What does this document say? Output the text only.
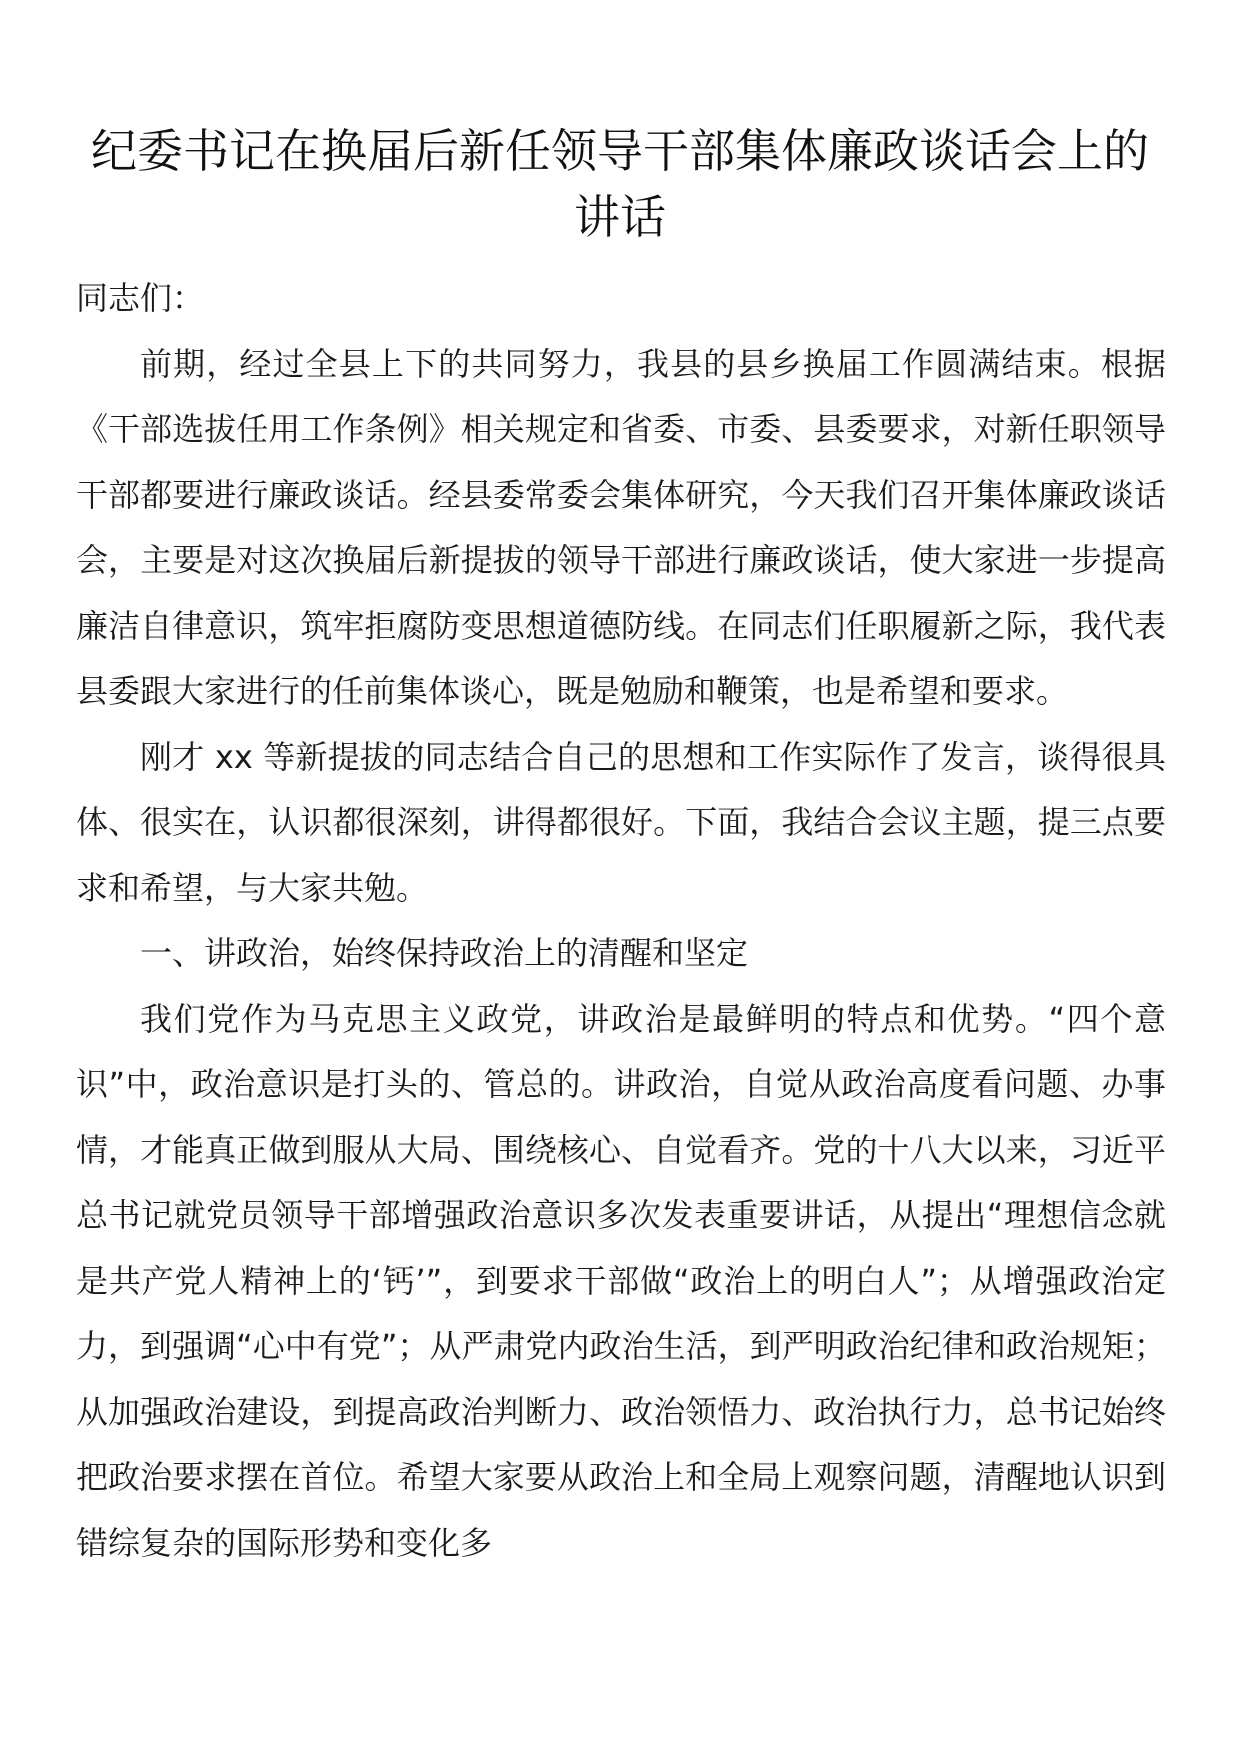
纪委书记在换届后新任领导干部集体廉政谈话会上的讲话

同志们：

前期，经过全县上下的共同努力，我县的县乡换届工作圆满结束。根据《干部选拔任用工作条例》相关规定和省委、市委、县委要求，对新任职领导干部都要进行廉政谈话。经县委常委会集体研究，今天我们召开集体廉政谈话会，主要是对这次换届后新提拔的领导干部进行廉政谈话，使大家进一步提高廉洁自律意识，筑牢拒腐防变思想道德防线。在同志们任职履新之际，我代表县委跟大家进行的任前集体谈心，既是勉励和鞭策，也是希望和要求。

刚才 xx 等新提拔的同志结合自己的思想和工作实际作了发言，谈得很具体、很实在，认识都很深刻，讲得都很好。下面，我结合会议主题，提三点要求和希望，与大家共勉。

一、讲政治，始终保持政治上的清醒和坚定

我们党作为马克思主义政党，讲政治是最鲜明的特点和优势。“四个意识”中，政治意识是打头的、管总的。讲政治，自觉从政治高度看问题、办事情，才能真正做到服从大局、围绕核心、自觉看齐。党的十八大以来，习近平总书记就党员领导干部增强政治意识多次发表重要讲话，从提出“理想信念就是共产党人精神上的‘钙’”，到要求干部做“政治上的明白人”；从增强政治定力，到强调“心中有党”；从严肃党内政治生活，到严明政治纪律和政治规矩；从加强政治建设，到提高政治判断力、政治领悟力、政治执行力，总书记始终把政治要求摆在首位。希望大家要从政治上和全局上观察问题，清醒地认识到错综复杂的国际形势和变化多
